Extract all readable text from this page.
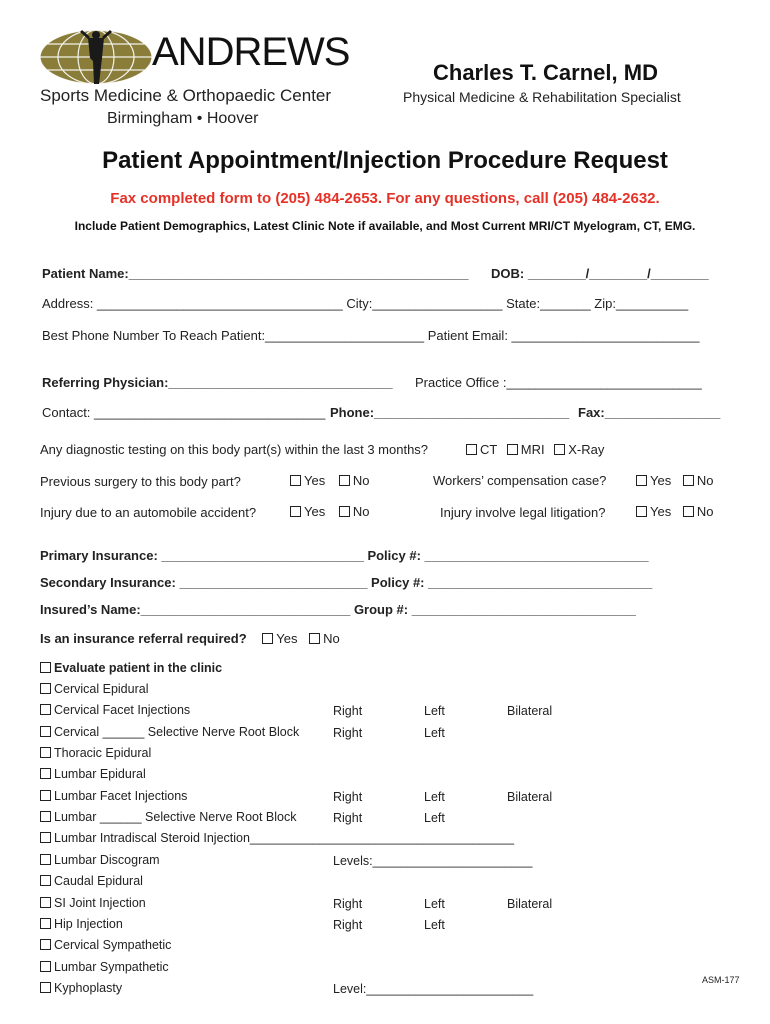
ANDREWS
Sports Medicine & Orthopaedic Center
Birmingham • Hoover
Charles T. Carnel, MD
Physical Medicine & Rehabilitation Specialist
Patient Appointment/Injection Procedure Request
Fax completed form to (205) 484-2653. For any questions, call (205) 484-2632.
Include Patient Demographics, Latest Clinic Note if available, and Most Current MRI/CT Myelogram, CT, EMG.
Patient Name:_______________________________________________ DOB: ________/________/________
Address: __________________________________ City:__________________ State:_______ Zip:__________
Best Phone Number To Reach Patient:______________________ Patient Email: __________________________
Referring Physician:_______________________________ Practice Office :___________________________
Contact: ________________________________ Phone:___________________________ Fax:________________
Any diagnostic testing on this body part(s) within the last 3 months?	CT MRI X-Ray
Previous surgery to this body part?	Yes No	Workers’ compensation case?	Yes No
Injury due to an automobile accident?	Yes No	Injury involve legal litigation?	Yes No
Primary Insurance: ____________________________ Policy #: _______________________________
Secondary Insurance: __________________________ Policy #: _______________________________
Insured’s Name:_____________________________ Group #: _______________________________
Is an insurance referral required? Yes No
Evaluate patient in the clinic
Cervical Epidural
Cervical Facet Injections	Right	Left	Bilateral
Cervical ______ Selective Nerve Root Block	Right	Left
Thoracic Epidural
Lumbar Epidural
Lumbar Facet Injections	Right	Left	Bilateral
Lumbar ______ Selective Nerve Root Block	Right	Left
Lumbar Intradiscal Steroid Injection______________________________________
Lumbar Discogram	Levels:_______________________
Caudal Epidural
SI Joint Injection	Right	Left	Bilateral
Hip Injection	Right	Left
Cervical Sympathetic
Lumbar Sympathetic
Kyphoplasty	Level:________________________
ASM-177
